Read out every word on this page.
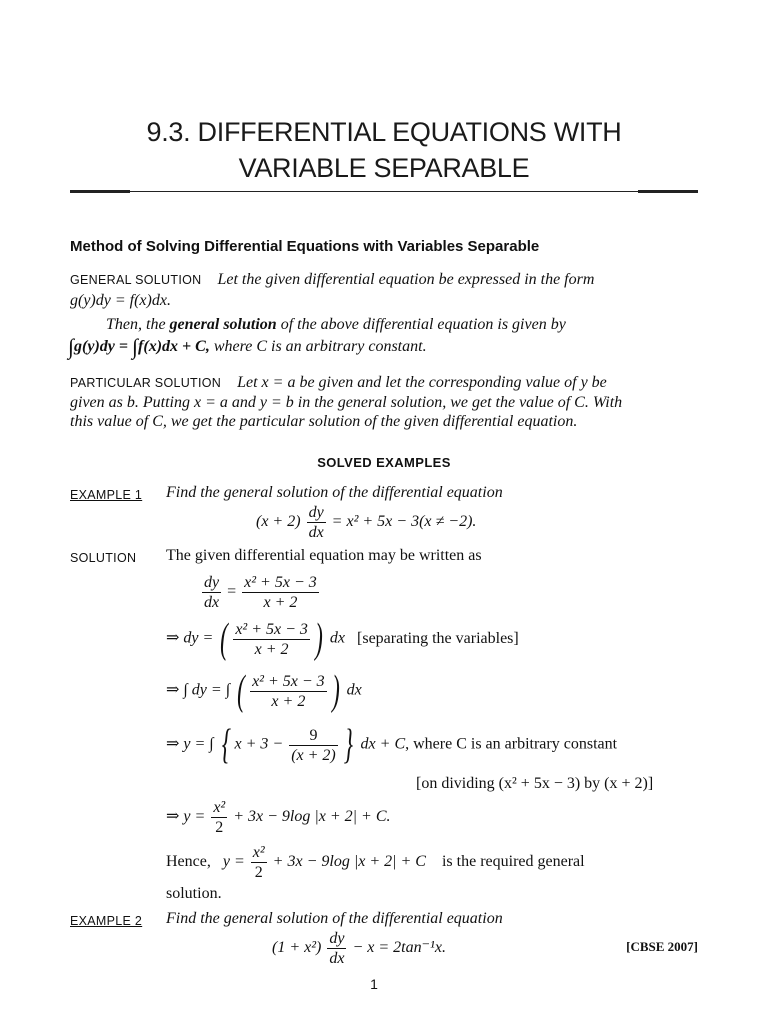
9.3. DIFFERENTIAL EQUATIONS WITH
VARIABLE SEPARABLE
Method of Solving Differential Equations with Variables Separable
GENERAL SOLUTION Let the given differential equation be expressed in the form
g(y)dy = f(x)dx.
Then, the general solution of the above differential equation is given by
∫g(y)dy = ∫f(x)dx + C, where C is an arbitrary constant.
PARTICULAR SOLUTION Let x = a be given and let the corresponding value of y be
given as b. Putting x = a and y = b in the general solution, we get the value of C. With
this value of C, we get the particular solution of the given differential equation.
SOLVED EXAMPLES
EXAMPLE 1 Find the general solution of the differential equation
$(x + 2) \frac{dy}{dx} = x^2 + 5x - 3(x \ne -2)$.
SOLUTION The given differential equation may be written as
$\frac{dy}{dx} = \frac{\text{x² + 5x − 3}}{x + 2}$
⇒ dy = ( $\frac{\text{x² + 5x − 3}}{x + 2}$ ) dx [separating the variables]
⇒ ∫ dy = ∫ ( $\frac{\text{x² + 5x − 3}}{x + 2}$ ) dx
⇒ y = ∫ { $x + 3 - \frac{9}{(x + 2)}$ } dx + C, where C is an arbitrary constant
[on dividing (x² + 5x − 3) by (x + 2)]
⇒ $y = \frac{\text{x²}}{2} + 3x - 9\log$ |x + 2| + C.
Hence, $y = \frac{\text{x²}}{2} + 3x - 9\log$ |x + 2| + C is the required general
solution.
EXAMPLE 2 Find the general solution of the differential equation
$(1 + x^2) \frac{dy}{dx} - x = 2\tan^{-1}x$.	[CBSE 2007]
1
